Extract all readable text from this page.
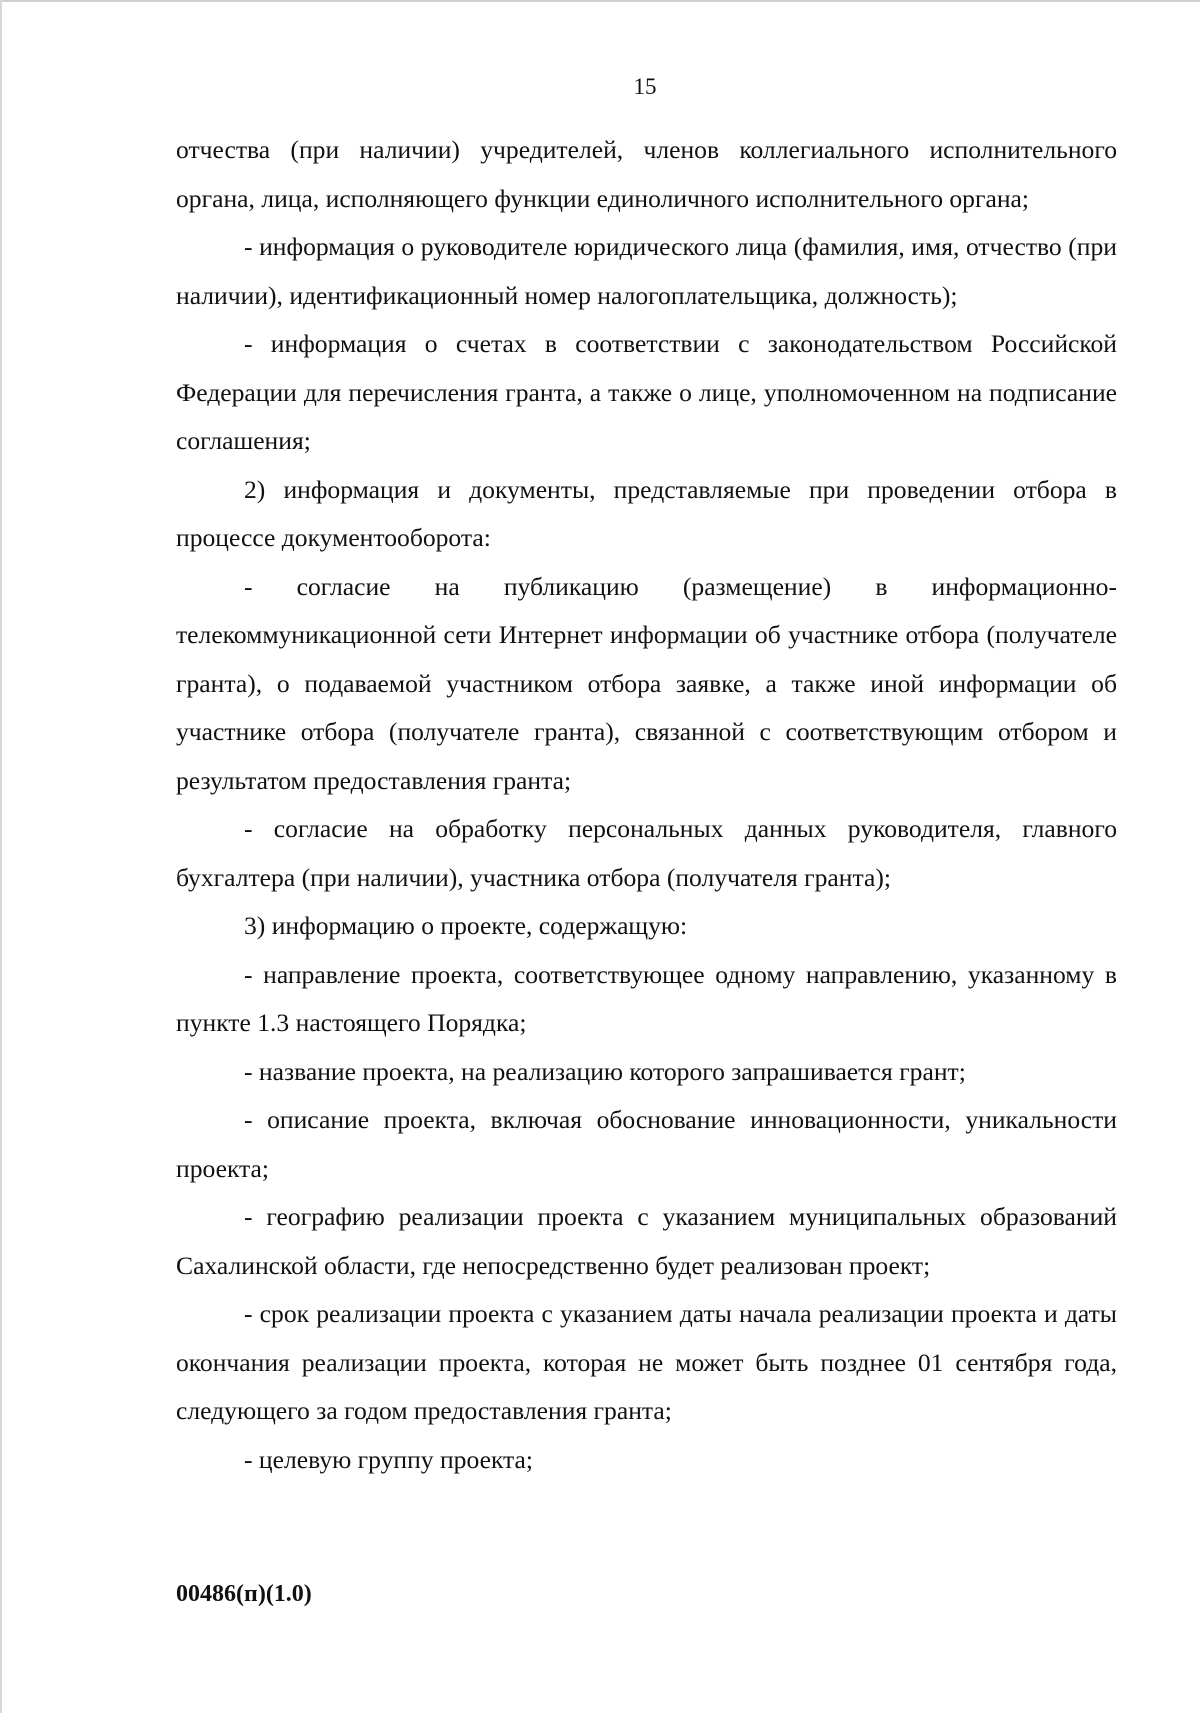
15

отчества (при наличии) учредителей, членов коллегиального исполнительного органа, лица, исполняющего функции единоличного исполнительного органа;

- информация о руководителе юридического лица (фамилия, имя, отчество (при наличии), идентификационный номер налогоплательщика, должность);

- информация о счетах в соответствии с законодательством Российской Федерации для перечисления гранта, а также о лице, уполномоченном на подписание соглашения;

2) информация и документы, представляемые при проведении отбора в процессе документооборота:

- согласие на публикацию (размещение) в информационно-телекоммуникационной сети Интернет информации об участнике отбора (получателе гранта), о подаваемой участником отбора заявке, а также иной информации об участнике отбора (получателе гранта), связанной с соответствующим отбором и результатом предоставления гранта;

- согласие на обработку персональных данных руководителя, главного бухгалтера (при наличии), участника отбора (получателя гранта);

3) информацию о проекте, содержащую:

- направление проекта, соответствующее одному направлению, указанному в пункте 1.3 настоящего Порядка;

- название проекта, на реализацию которого запрашивается грант;

- описание проекта, включая обоснование инновационности, уникальности проекта;

- географию реализации проекта с указанием муниципальных образований Сахалинской области, где непосредственно будет реализован проект;

- срок реализации проекта с указанием даты начала реализации проекта и даты окончания реализации проекта, которая не может быть позднее 01 сентября года, следующего за годом предоставления гранта;

- целевую группу проекта;

00486(п)(1.0)
